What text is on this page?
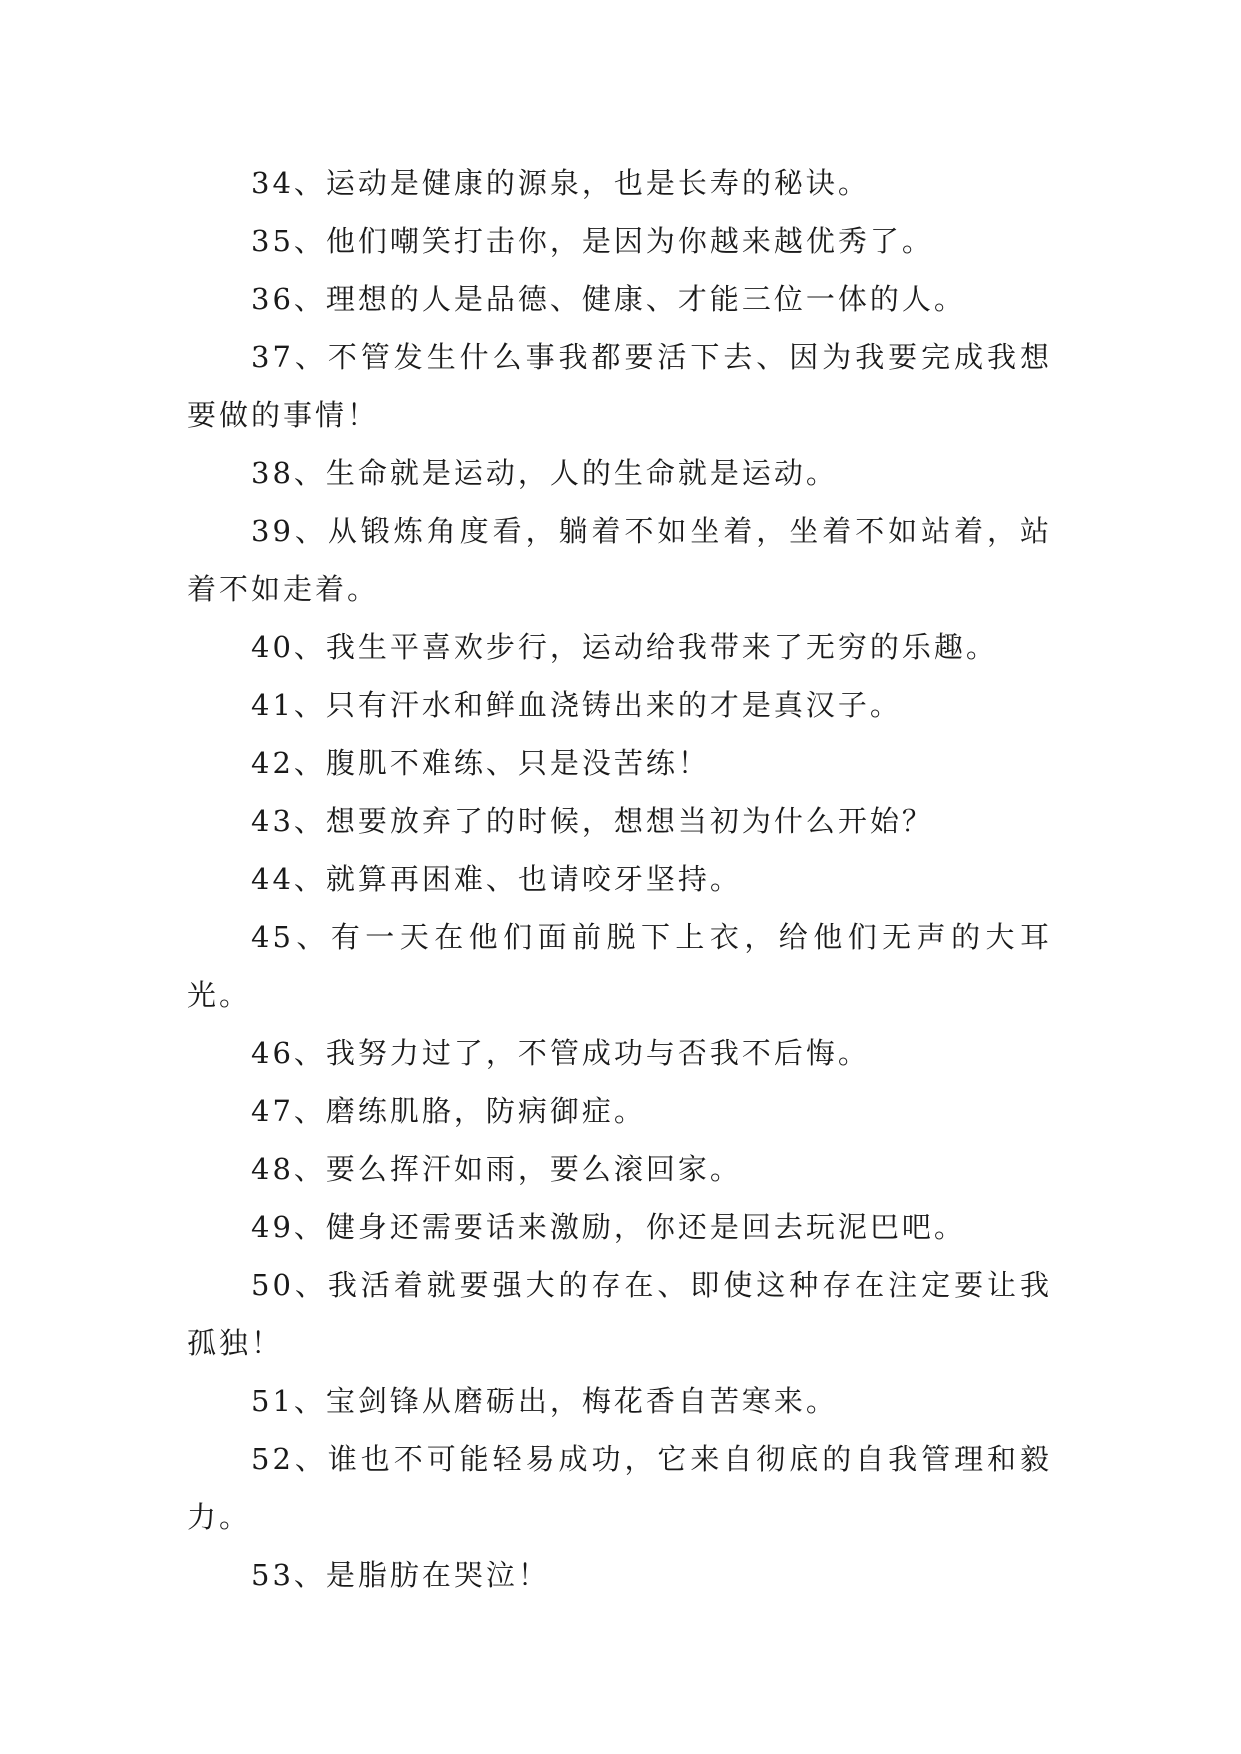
34、运动是健康的源泉，也是长寿的秘诀。

35、他们嘲笑打击你，是因为你越来越优秀了。

36、理想的人是品德、健康、才能三位一体的人。

37、不管发生什么事我都要活下去、因为我要完成我想要做的事情！

38、生命就是运动，人的生命就是运动。

39、从锻炼角度看，躺着不如坐着，坐着不如站着，站着不如走着。

40、我生平喜欢步行，运动给我带来了无穷的乐趣。

41、只有汗水和鲜血浇铸出来的才是真汉子。

42、腹肌不难练、只是没苦练！

43、想要放弃了的时候，想想当初为什么开始？

44、就算再困难、也请咬牙坚持。

45、有一天在他们面前脱下上衣，给他们无声的大耳光。

46、我努力过了，不管成功与否我不后悔。

47、磨练肌胳，防病御症。

48、要么挥汗如雨，要么滚回家。

49、健身还需要话来激励，你还是回去玩泥巴吧。

50、我活着就要强大的存在、即使这种存在注定要让我孤独！

51、宝剑锋从磨砺出，梅花香自苦寒来。

52、谁也不可能轻易成功，它来自彻底的自我管理和毅力。

53、是脂肪在哭泣！
